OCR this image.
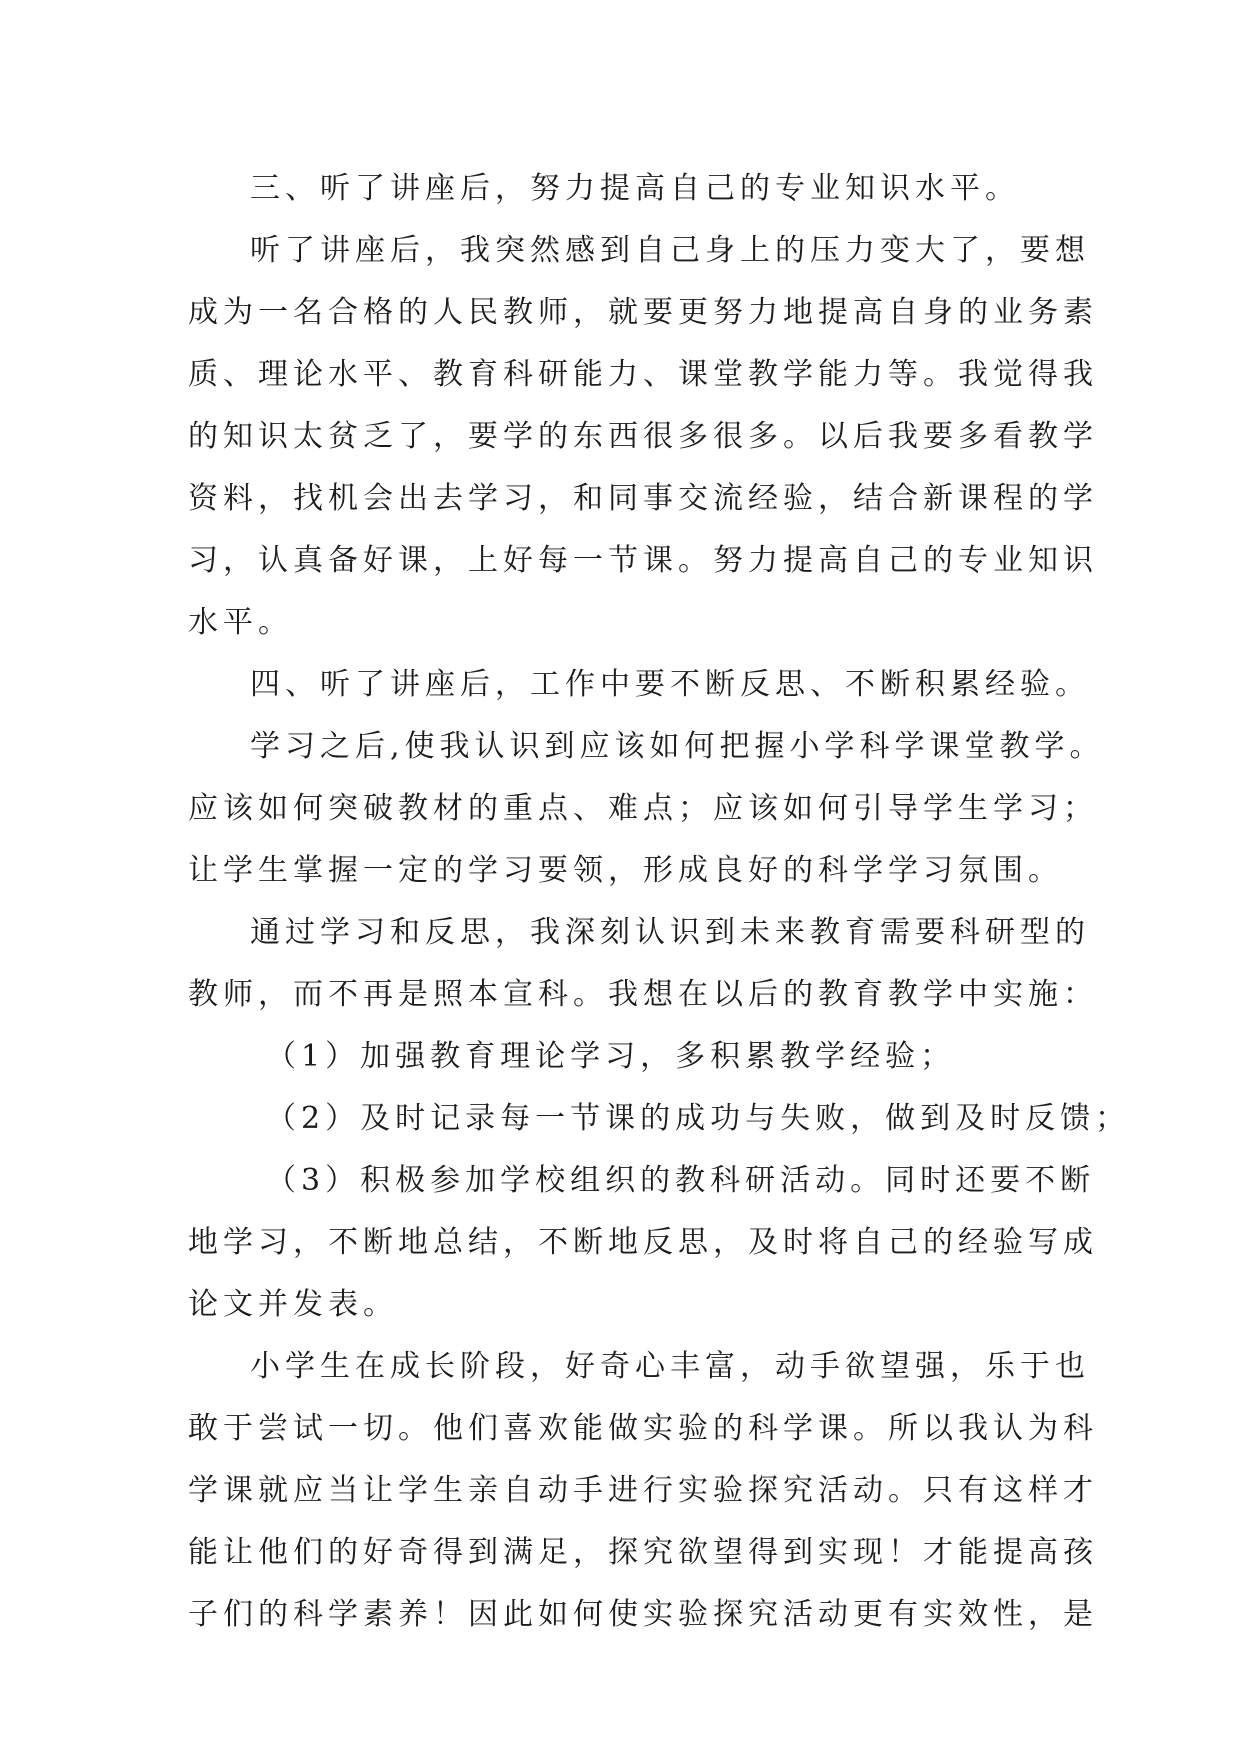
三、听了讲座后，努力提高自己的专业知识水平。
听了讲座后，我突然感到自己身上的压力变大了，要想
成为一名合格的人民教师，就要更努力地提高自身的业务素
质、理论水平、教育科研能力、课堂教学能力等。我觉得我
的知识太贫乏了，要学的东西很多很多。以后我要多看教学
资料，找机会出去学习，和同事交流经验，结合新课程的学
习，认真备好课，上好每一节课。努力提高自己的专业知识
水平。
四、听了讲座后，工作中要不断反思、不断积累经验。
学习之后,使我认识到应该如何把握小学科学课堂教学。
应该如何突破教材的重点、难点；应该如何引导学生学习；
让学生掌握一定的学习要领，形成良好的科学学习氛围。
通过学习和反思，我深刻认识到未来教育需要科研型的
教师，而不再是照本宣科。我想在以后的教育教学中实施：
（1）加强教育理论学习，多积累教学经验；
（2）及时记录每一节课的成功与失败，做到及时反馈；
（3）积极参加学校组织的教科研活动。同时还要不断
地学习，不断地总结，不断地反思，及时将自己的经验写成
论文并发表。
小学生在成长阶段，好奇心丰富，动手欲望强，乐于也
敢于尝试一切。他们喜欢能做实验的科学课。所以我认为科
学课就应当让学生亲自动手进行实验探究活动。只有这样才
能让他们的好奇得到满足，探究欲望得到实现！才能提高孩
子们的科学素养！因此如何使实验探究活动更有实效性，是
